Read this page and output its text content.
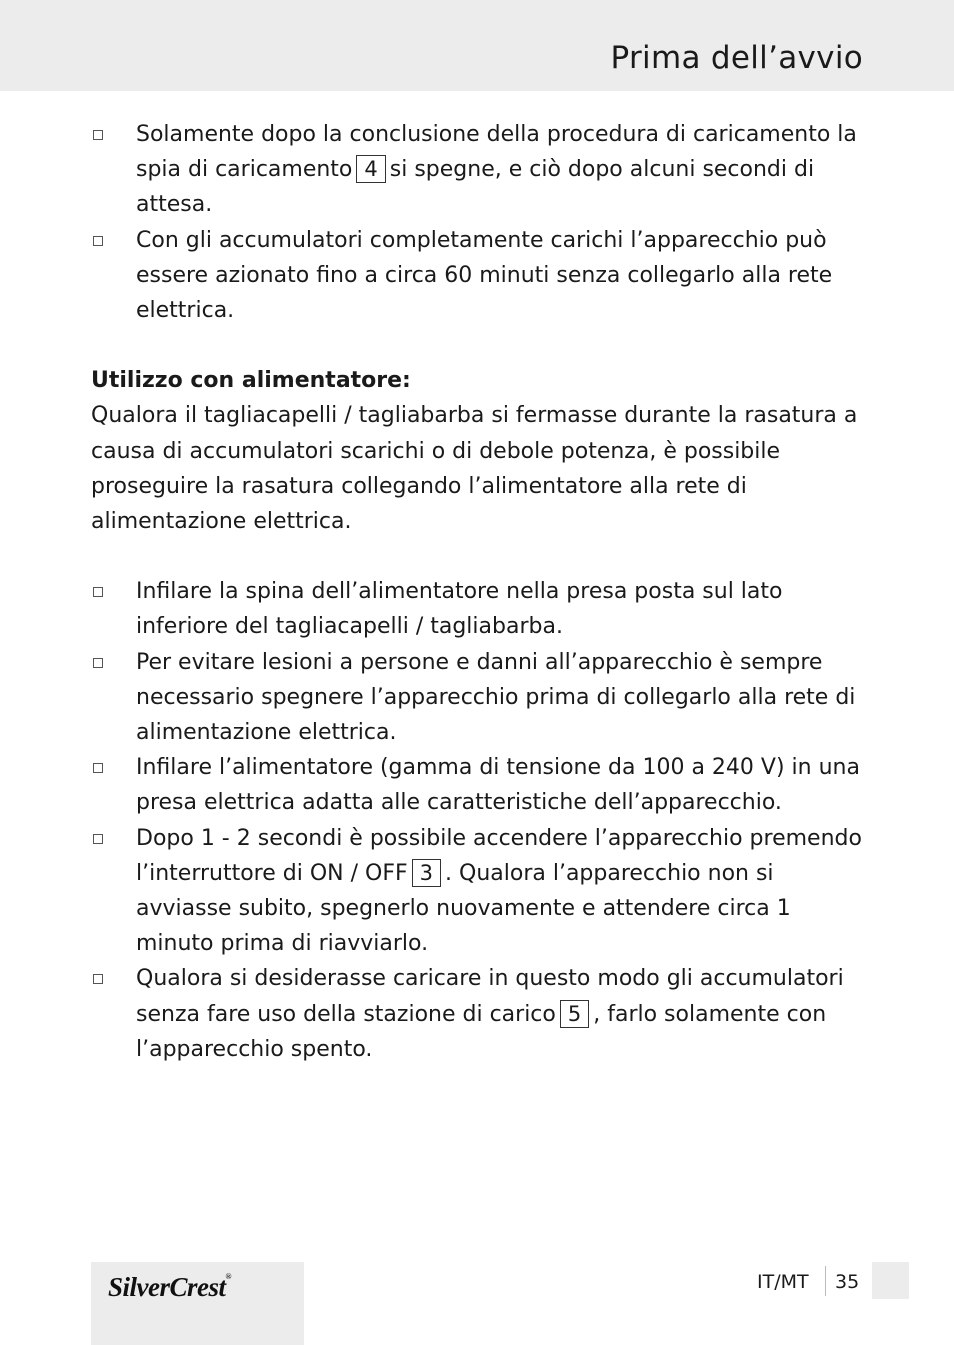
Prima dell’avvio
Solamente dopo la conclusione della procedura di caricamento la spia di caricamento 4 si spegne, e ciò dopo alcuni secondi di attesa.
Con gli accumulatori completamente carichi l’apparecchio può essere azionato fino a circa 60 minuti senza collegarlo alla rete elettrica.

Utilizzo con alimentatore:

Qualora il tagliacapelli / tagliabarba si fermasse durante la rasatura a causa di accumulatori scarichi o di debole potenza, è possibile proseguire la rasatura collegando l’alimentatore alla rete di alimentazione elettrica.

Infilare la spina dell’alimentatore nella presa posta sul lato inferiore del tagliacapelli / tagliabarba.
Per evitare lesioni a persone e danni all’apparecchio è sempre necessario spegnere l’apparecchio prima di collegarlo alla rete di alimentazione elettrica.
Infilare l’alimentatore (gamma di tensione da 100 a 240 V) in una presa elettrica adatta alle caratteristiche dell’apparecchio.
Dopo 1 - 2 secondi è possibile accendere l’apparecchio premendo l’interruttore di ON / OFF 3 . Qualora l’apparecchio non si avviasse subito, spegnerlo nuovamente e attendere circa 1 minuto prima di riavviarlo.
Qualora si desiderasse caricare in questo modo gli accumulatori senza fare uso della stazione di carico 5 , farlo solamente con l’apparecchio spento.
SilverCrest®	IT/MT 35
